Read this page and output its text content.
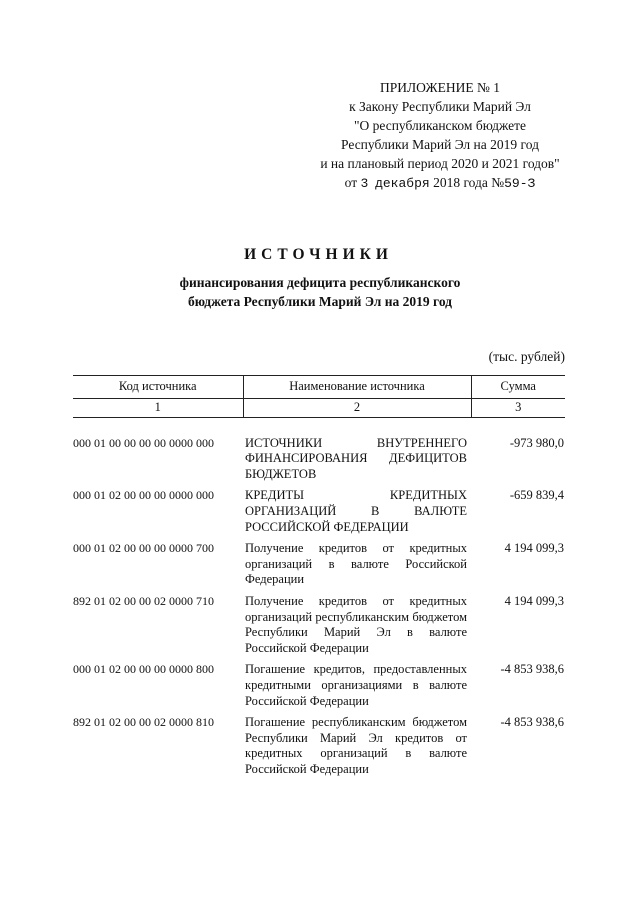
ПРИЛОЖЕНИЕ № 1
к Закону Республики Марий Эл
"О республиканском бюджете
Республики Марий Эл на 2019 год
и на плановый период 2020 и 2021 годов"
от 3 декабря 2018 года №59-З
ИСТОЧНИКИ
финансирования дефицита республиканского
бюджета Республики Марий Эл на 2019 год
(тыс. рублей)
Код источника	Наименование источника	Сумма
1	2	3

000 01 00 00 00 00 0000 000	ИСТОЧНИКИ ВНУТРЕННЕГО ФИНАНСИРОВАНИЯ ДЕФИЦИТОВ БЮДЖЕТОВ	-973 980,0
000 01 02 00 00 00 0000 000	КРЕДИТЫ КРЕДИТНЫХ ОРГАНИЗАЦИЙ В ВАЛЮТЕ РОССИЙСКОЙ ФЕДЕРАЦИИ	-659 839,4
000 01 02 00 00 00 0000 700	Получение кредитов от кредитных организаций в валюте Российской Федерации	4 194 099,3
892 01 02 00 00 02 0000 710	Получение кредитов от кредитных организаций республиканским бюджетом Республики Марий Эл в валюте Российской Федерации	4 194 099,3
000 01 02 00 00 00 0000 800	Погашение кредитов, предоставленных кредитными организациями в валюте Российской Федерации	-4 853 938,6
892 01 02 00 00 02 0000 810	Погашение республиканским бюджетом Республики Марий Эл кредитов от кредитных организаций в валюте Российской Федерации	-4 853 938,6
